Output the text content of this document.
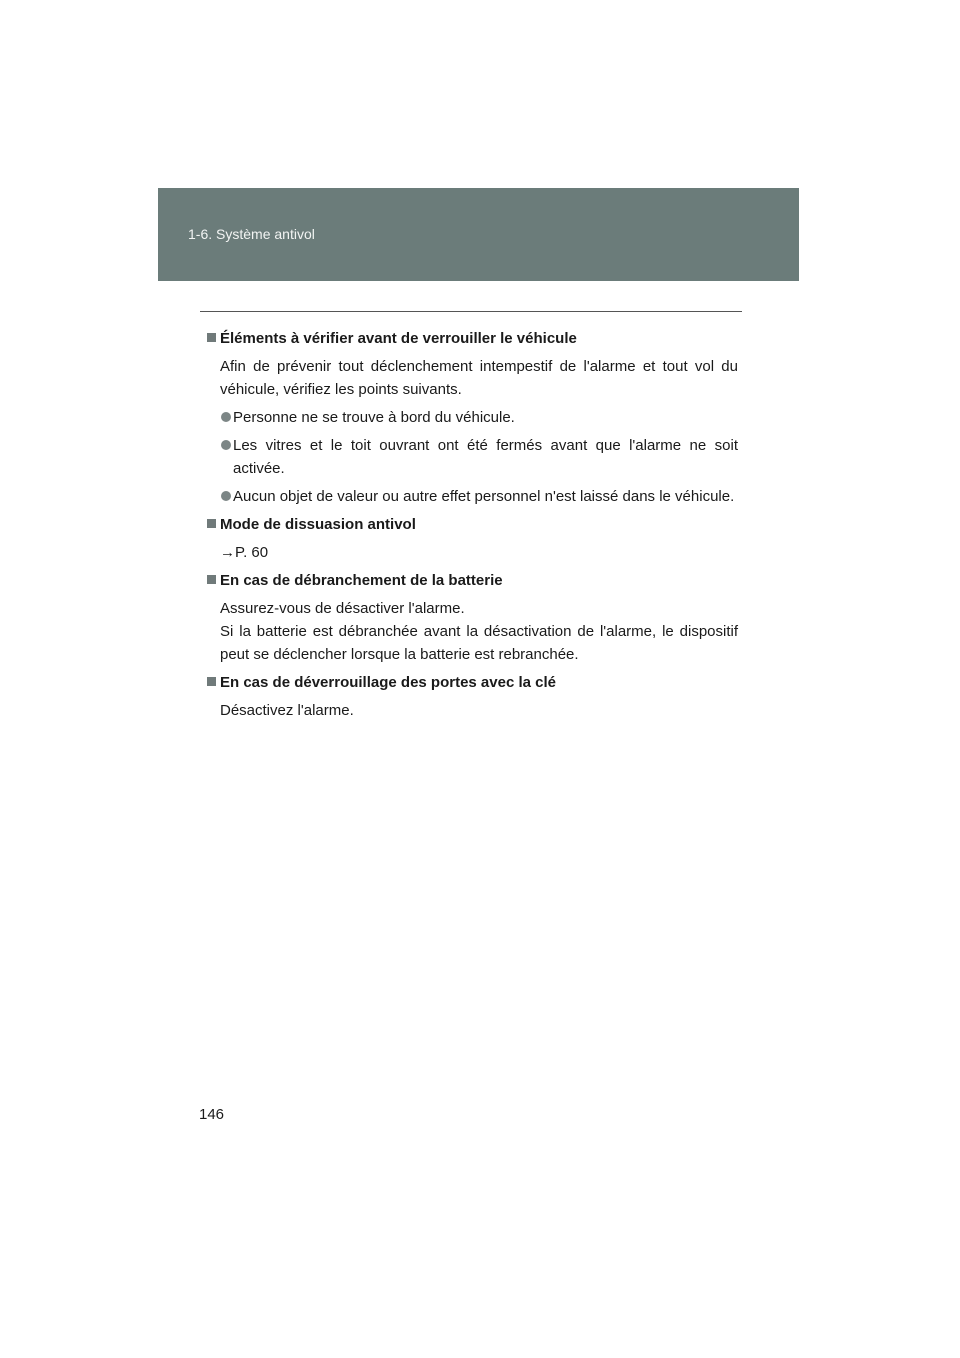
1-6. Système antivol
Éléments à vérifier avant de verrouiller le véhicule
Afin de prévenir tout déclenchement intempestif de l'alarme et tout vol du véhicule, vérifiez les points suivants.
Personne ne se trouve à bord du véhicule.
Les vitres et le toit ouvrant ont été fermés avant que l'alarme ne soit activée.
Aucun objet de valeur ou autre effet personnel n'est laissé dans le véhicule.
Mode de dissuasion antivol
→P. 60
En cas de débranchement de la batterie
Assurez-vous de désactiver l'alarme.
Si la batterie est débranchée avant la désactivation de l'alarme, le dispositif peut se déclencher lorsque la batterie est rebranchée.
En cas de déverrouillage des portes avec la clé
Désactivez l'alarme.
146
